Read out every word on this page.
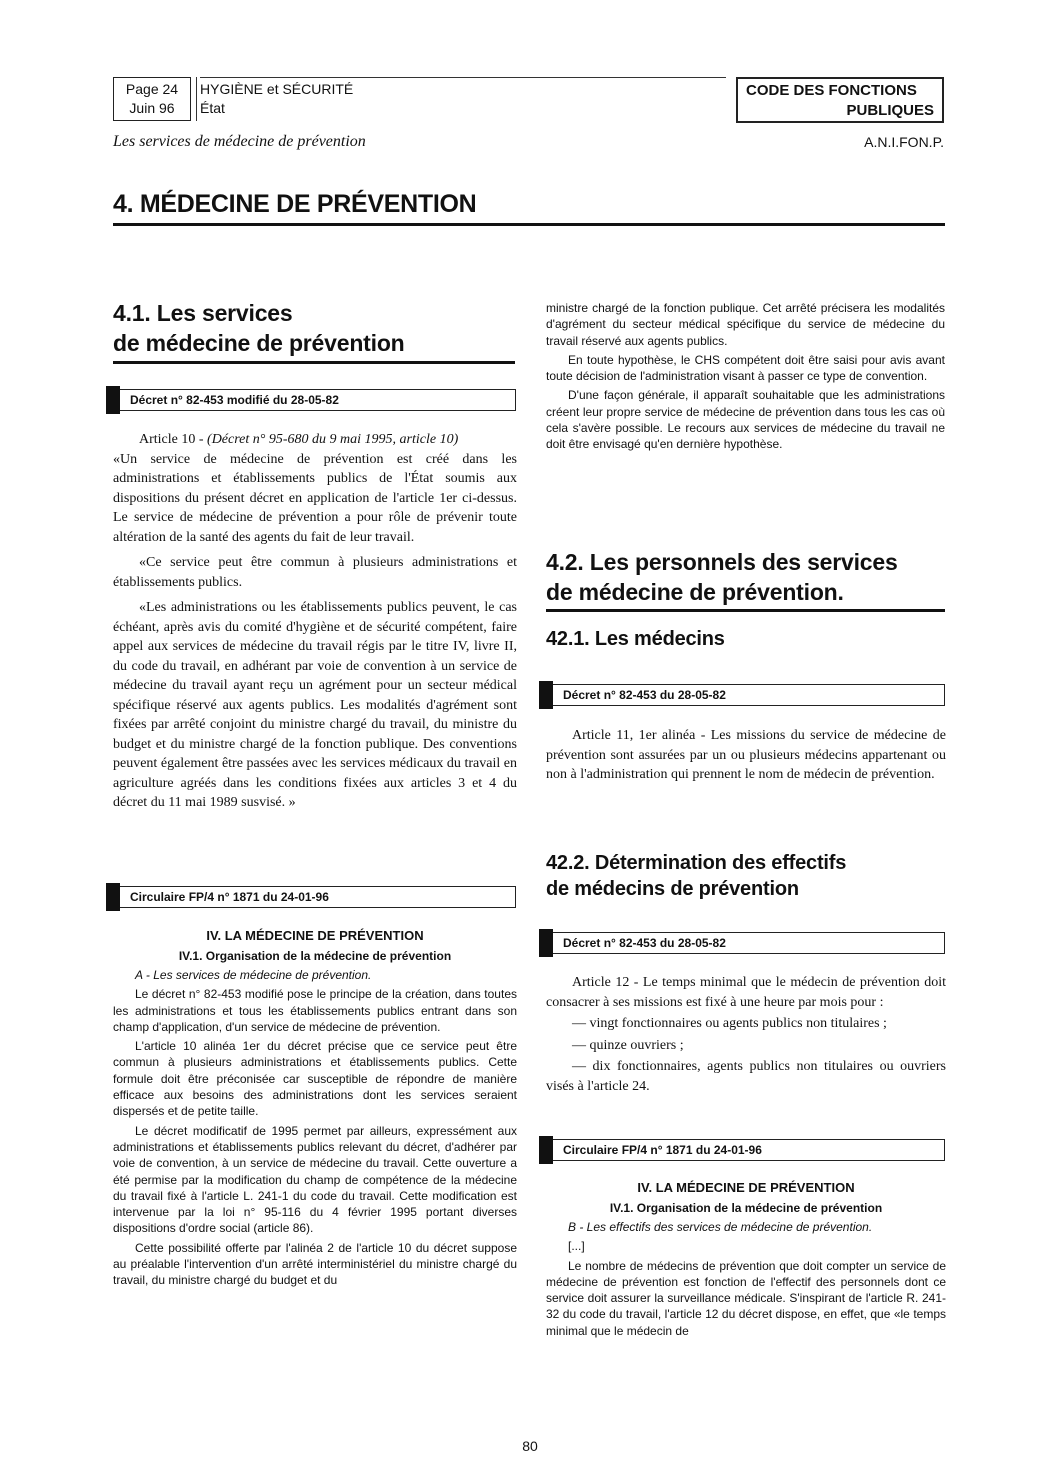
Page 24
Juin 96
HYGIÈNE et SÉCURITÉ
État
CODE DES FONCTIONS
PUBLIQUES
Les services de médecine de prévention	A.N.I.FON.P.
4. MÉDECINE DE PRÉVENTION
4.1. Les services
de médecine de prévention
Décret n° 82-453 modifié du 28-05-82

Article 10 - (Décret n° 95-680 du 9 mai 1995, article 10)
«Un service de médecine de prévention est créé dans les administrations et établissements publics de l'État soumis aux dispositions du présent décret en application de l'article 1er ci-dessus. Le service de médecine de prévention a pour rôle de prévenir toute altération de la santé des agents du fait de leur travail.

«Ce service peut être commun à plusieurs administrations et établissements publics.

«Les administrations ou les établissements publics peuvent, le cas échéant, après avis du comité d'hygiène et de sécurité compétent, faire appel aux services de médecine du travail régis par le titre IV, livre II, du code du travail, en adhérant par voie de convention à un service de médecine du travail ayant reçu un agrément pour un secteur médical spécifique réservé aux agents publics. Les modalités d'agrément sont fixées par arrêté conjoint du ministre chargé du travail, du ministre du budget et du ministre chargé de la fonction publique. Des conventions peuvent également être passées avec les services médicaux du travail en agriculture agréés dans les conditions fixées aux articles 3 et 4 du décret du 11 mai 1989 susvisé. »

Circulaire FP/4 n° 1871 du 24-01-96
IV. LA MÉDECINE DE PRÉVENTION
IV.1. Organisation de la médecine de prévention

A - Les services de médecine de prévention.

Le décret n° 82-453 modifié pose le principe de la création, dans toutes les administrations et tous les établissements publics entrant dans son champ d'application, d'un service de médecine de prévention.

L'article 10 alinéa 1er du décret précise que ce service peut être commun à plusieurs administrations et établissements publics. Cette formule doit être préconisée car susceptible de répondre de manière efficace aux besoins des administrations dont les services seraient dispersés et de petite taille.

Le décret modificatif de 1995 permet par ailleurs, expressément aux administrations et établissements publics relevant du décret, d'adhérer par voie de convention, à un service de médecine du travail. Cette ouverture a été permise par la modification du champ de compétence de la médecine du travail fixé à l'article L. 241-1 du code du travail. Cette modification est intervenue par la loi n° 95-116 du 4 février 1995 portant diverses dispositions d'ordre social (article 86).

Cette possibilité offerte par l'alinéa 2 de l'article 10 du décret suppose au préalable l'intervention d'un arrêté interministériel du ministre chargé du travail, du ministre chargé du budget et du

ministre chargé de la fonction publique. Cet arrêté précisera les modalités d'agrément du secteur médical spécifique du service de médecine du travail réservé aux agents publics.

En toute hypothèse, le CHS compétent doit être saisi pour avis avant toute décision de l'administration visant à passer ce type de convention.

D'une façon générale, il apparaît souhaitable que les administrations créent leur propre service de médecine de prévention dans tous les cas où cela s'avère possible. Le recours aux services de médecine du travail ne doit être envisagé qu'en dernière hypothèse.

4.2. Les personnels des services
de médecine de prévention.
42.1. Les médecins
Décret n° 82-453 du 28-05-82

Article 11, 1er alinéa - Les missions du service de médecine de prévention sont assurées par un ou plusieurs médecins appartenant ou non à l'administration qui prennent le nom de médecin de prévention.

42.2. Détermination des effectifs
de médecins de prévention
Décret n° 82-453 du 28-05-82

Article 12 - Le temps minimal que le médecin de prévention doit consacrer à ses missions est fixé à une heure par mois pour :

— vingt fonctionnaires ou agents publics non titulaires ;

— quinze ouvriers ;

— dix fonctionnaires, agents publics non titulaires ou ouvriers visés à l'article 24.

Circulaire FP/4 n° 1871 du 24-01-96
IV. LA MÉDECINE DE PRÉVENTION
IV.1. Organisation de la médecine de prévention

B - Les effectifs des services de médecine de prévention.

[...]

Le nombre de médecins de prévention que doit compter un service de médecine de prévention est fonction de l'effectif des personnels dont ce service doit assurer la surveillance médicale. S'inspirant de l'article R. 241-32 du code du travail, l'article 12 du décret dispose, en effet, que «le temps minimal que le médecin de

80
